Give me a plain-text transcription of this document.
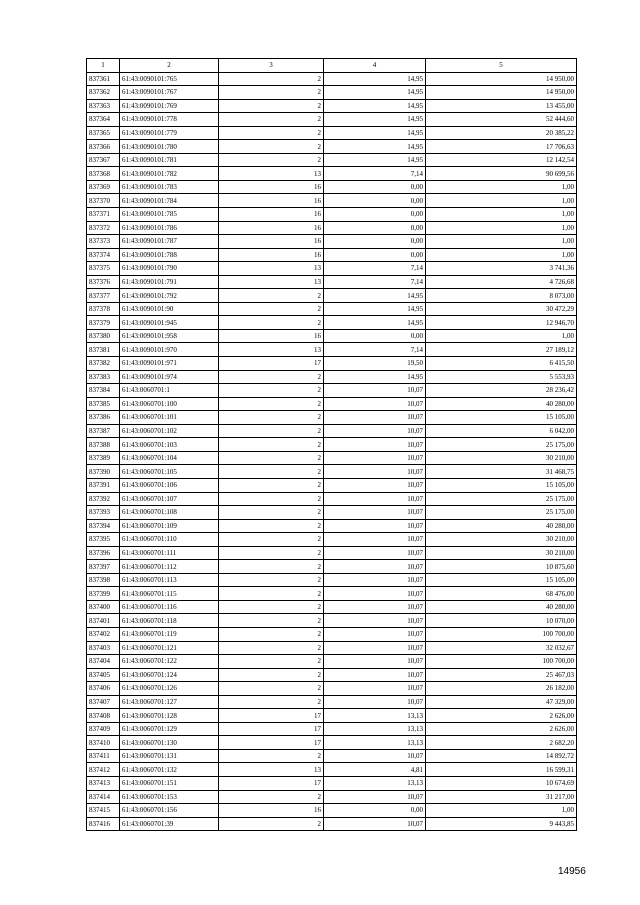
1	2	3	4	5
837361	61:43:0090101:765	2	14,95	14 950,00
837362	61:43:0090101:767	2	14,95	14 950,00
837363	61:43:0090101:769	2	14,95	13 455,00
837364	61:43:0090101:778	2	14,95	52 444,60
837365	61:43:0090101:779	2	14,95	20 385,22
837366	61:43:0090101:780	2	14,95	17 706,63
837367	61:43:0090101:781	2	14,95	12 142,54
837368	61:43:0090101:782	13	7,14	90 699,56
837369	61:43:0090101:783	16	0,00	1,00
837370	61:43:0090101:784	16	0,00	1,00
837371	61:43:0090101:785	16	0,00	1,00
837372	61:43:0090101:786	16	0,00	1,00
837373	61:43:0090101:787	16	0,00	1,00
837374	61:43:0090101:788	16	0,00	1,00
837375	61:43:0090101:790	13	7,14	3 741,36
837376	61:43:0090101:791	13	7,14	4 726,68
837377	61:43:0090101:792	2	14,95	8 073,00
837378	61:43:0090101:90	2	14,95	30 472,29
837379	61:43:0090101:945	2	14,95	12 946,70
837380	61:43:0090101:958	16	0,00	1,00
837381	61:43:0090101:970	13	7,14	27 189,12
837382	61:43:0090101:971	17	19,50	6 415,50
837383	61:43:0090101:974	2	14,95	5 553,93
837384	61:43:0060701:1	2	10,07	28 236,42
837385	61:43:0060701:100	2	10,07	40 280,00
837386	61:43:0060701:101	2	10,07	15 105,00
837387	61:43:0060701:102	2	10,07	6 042,00
837388	61:43:0060701:103	2	10,07	25 175,00
837389	61:43:0060701:104	2	10,07	30 210,00
837390	61:43:0060701:105	2	10,07	31 468,75
837391	61:43:0060701:106	2	10,07	15 105,00
837392	61:43:0060701:107	2	10,07	25 175,00
837393	61:43:0060701:108	2	10,07	25 175,00
837394	61:43:0060701:109	2	10,07	40 280,00
837395	61:43:0060701:110	2	10,07	30 210,00
837396	61:43:0060701:111	2	10,07	30 210,00
837397	61:43:0060701:112	2	10,07	10 875,60
837398	61:43:0060701:113	2	10,07	15 105,00
837399	61:43:0060701:115	2	10,07	68 476,00
837400	61:43:0060701:116	2	10,07	40 280,00
837401	61:43:0060701:118	2	10,07	10 070,00
837402	61:43:0060701:119	2	10,07	100 700,00
837403	61:43:0060701:121	2	10,07	32 032,67
837404	61:43:0060701:122	2	10,07	100 700,00
837405	61:43:0060701:124	2	10,07	25 467,03
837406	61:43:0060701:126	2	10,07	26 182,00
837407	61:43:0060701:127	2	10,07	47 329,00
837408	61:43:0060701:128	17	13,13	2 626,00
837409	61:43:0060701:129	17	13,13	2 626,00
837410	61:43:0060701:130	17	13,13	2 682,20
837411	61:43:0060701:131	2	10,07	14 892,72
837412	61:43:0060701:132	13	4,81	16 599,31
837413	61:43:0060701:151	17	13,13	10 674,69
837414	61:43:0060701:153	2	10,07	31 217,00
837415	61:43:0060701:156	16	0,00	1,00
837416	61:43:0060701:39	2	10,07	9 443,85
14956
